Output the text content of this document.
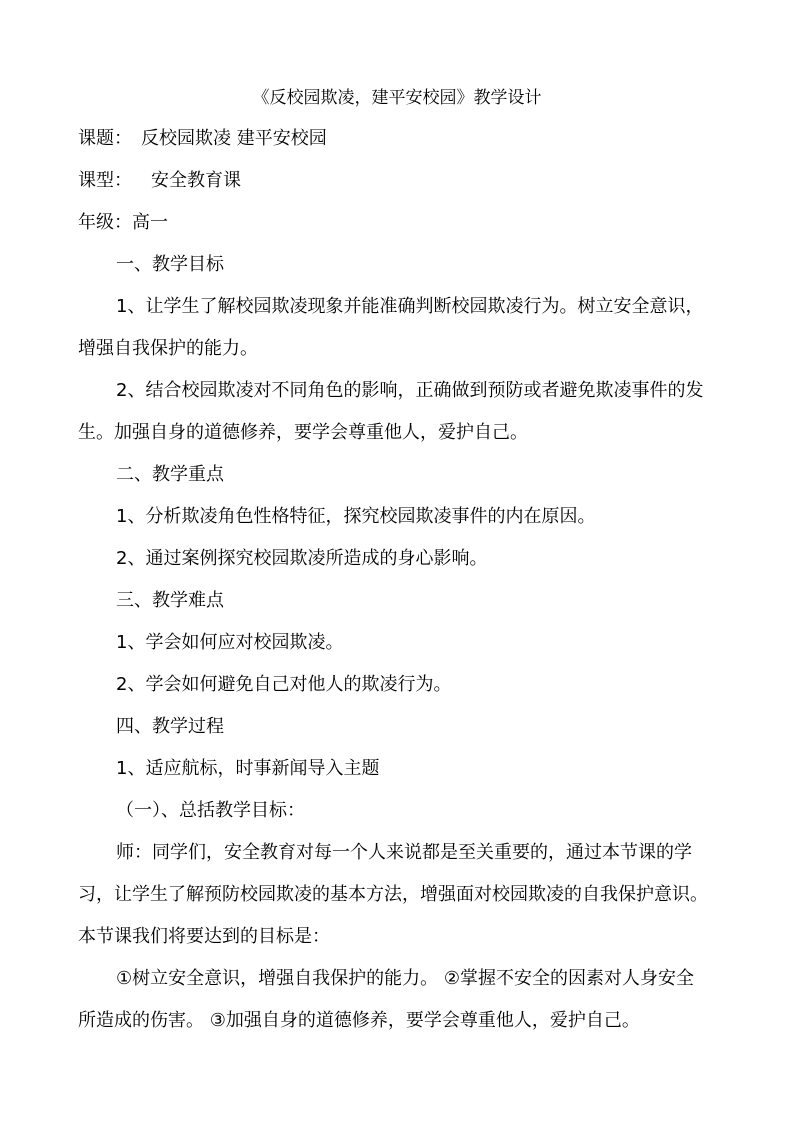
《反校园欺凌，建平安校园》教学设计
课题： 反校园欺凌 建平安校园
课型： 安全教育课
年级：高一
一、教学目标
1、让学生了解校园欺凌现象并能准确判断校园欺凌行为。树立安全意识，
增强自我保护的能力。
2、结合校园欺凌对不同角色的影响，正确做到预防或者避免欺凌事件的发
生。加强自身的道德修养，要学会尊重他人，爱护自己。
二、教学重点
1、分析欺凌角色性格特征，探究校园欺凌事件的内在原因。
2、通过案例探究校园欺凌所造成的身心影响。
三、教学难点
1、学会如何应对校园欺凌。
2、学会如何避免自己对他人的欺凌行为。
四、教学过程
1、适应航标，时事新闻导入主题
（一）、总括教学目标：
师：同学们，安全教育对每一个人来说都是至关重要的，通过本节课的学
习，让学生了解预防校园欺凌的基本方法，增强面对校园欺凌的自我保护意识。
本节课我们将要达到的目标是：
①树立安全意识，增强自我保护的能力。 ②掌握不安全的因素对人身安全
所造成的伤害。 ③加强自身的道德修养，要学会尊重他人，爱护自己。
